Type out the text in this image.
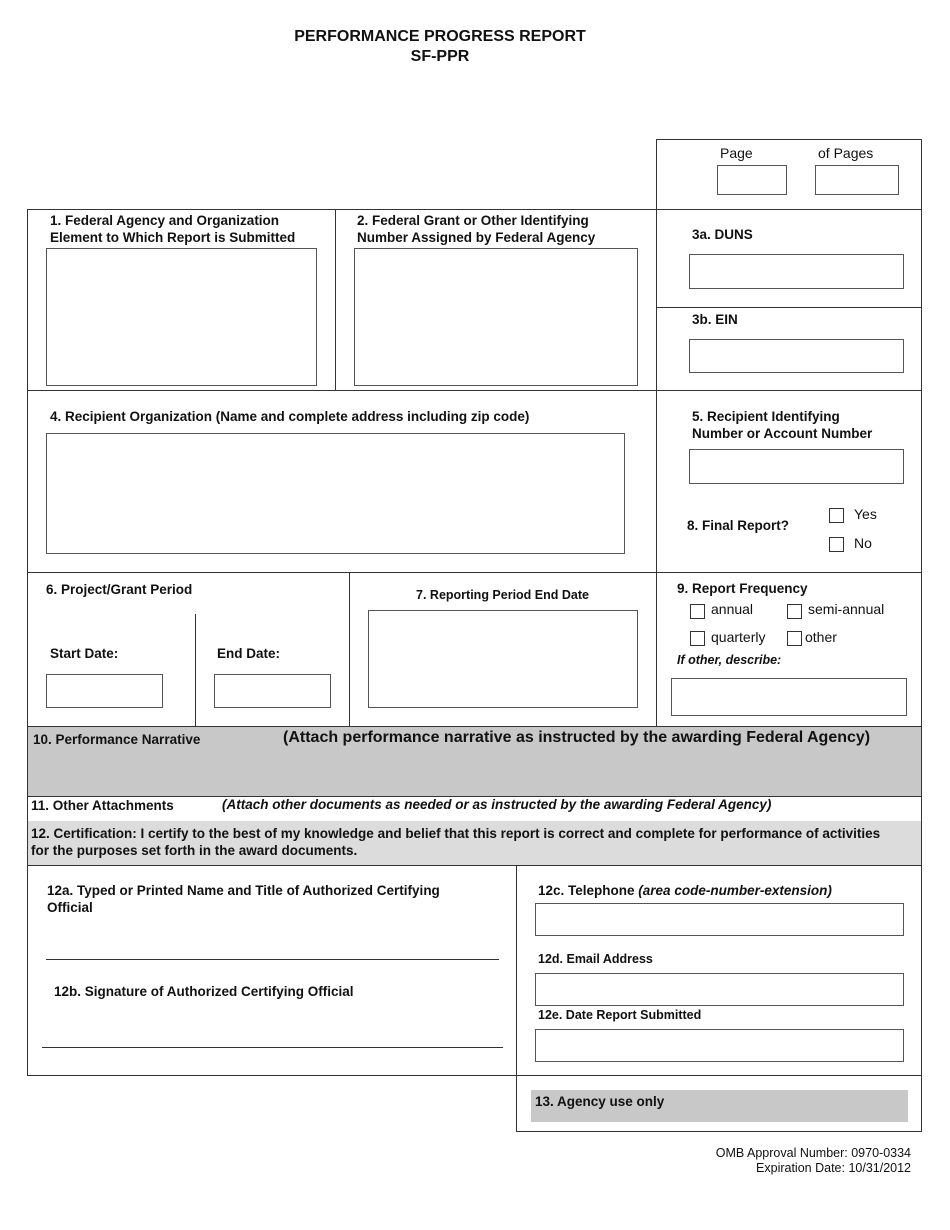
PERFORMANCE PROGRESS REPORT
SF-PPR
Page	of Pages
1. Federal Agency and Organization
Element to Which Report is Submitted
2. Federal Grant or Other Identifying
Number Assigned by Federal Agency	3a. DUNS
3b. EIN
4. Recipient Organization (Name and complete address including zip code)	5. Recipient Identifying
Number or Account Number
8. Final Report?
Yes
No
6. Project/Grant Period
Start Date:	End Date:
7. Reporting Period End Date	9. Report Frequency
annual	semi-annual
quarterly	other
If other, describe:
10. Performance Narrative	(Attach performance narrative as instructed by the awarding Federal Agency)
11. Other Attachments	(Attach other documents as needed or as instructed by the awarding Federal Agency)
12. Certification: I certify to the best of my knowledge and belief that this report is correct and complete for performance of activities
for the purposes set forth in the award documents.
12a. Typed or Printed Name and Title of Authorized Certifying
Official
12b. Signature of Authorized Certifying Official
12c. Telephone (area code-number-extension)
12d. Email Address
12e. Date Report Submitted
13. Agency use only
OMB Approval Number: 0970-0334
Expiration Date: 10/31/2012
